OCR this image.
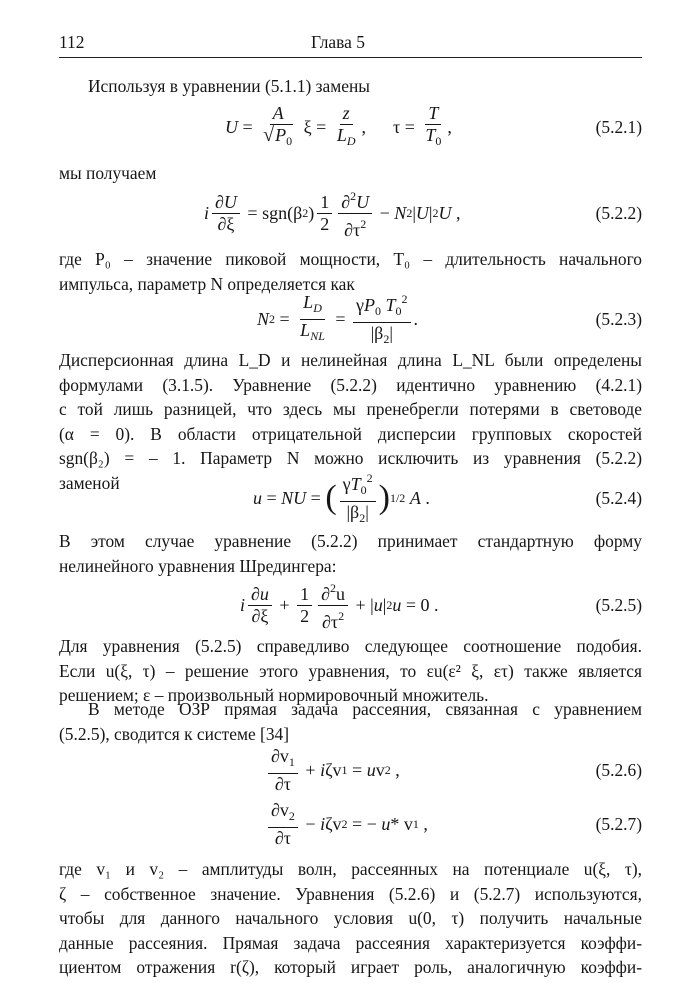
112	Глава 5

Используя в уравнении (5.1.1) замены

$U = \frac{A}{√P_0}$ $\xi = \frac{z}{L_D}$ ,      $\tau = \frac{T}{T_0}$ ,	(5.2.1)

мы получаем

i $\frac{\partial U}{\partial\xi} = sgn(\beta$ 2 ) $\frac{1}{2} \frac{\partial^2U}{\partial\tau^2} - N$ 2 | U | 2 U ,	(5.2.2)
где P₀ – значение пиковой мощности, T₀ – длительность начального
импульса, параметр N определяется как
N $2 = \frac{L_D}{L_{NL}} = \frac{\gamma P_0 T_0^2}{|\beta_2|}$ .	(5.2.3)
Дисперсионная длина L_D и нелинейная длина L_NL были определены
формулами (3.1.5). Уравнение (5.2.2) идентично уравнению (4.2.1)
с той лишь разницей, что здесь мы пренебрегли потерями в световоде
(α = 0). В области отрицательной дисперсии групповых скоростей
sgn(β₂) = – 1. Параметр N можно исключить из уравнения (5.2.2)
заменой
u = NU = ( $\frac{\gamma T_0^2}{|\beta_2|}$ ) 1/2
A .	(5.2.4)
В этом случае уравнение (5.2.2) принимает стандартную форму
нелинейного уравнения Шредингера:
i $\frac{\partial u}{\partial\xi} + \frac{1}{2} \frac{\partial^2u}{\partial\tau^2}$ + | u | 2 u = 0 .	(5.2.5)
Для уравнения (5.2.5) справедливо следующее соотношение подобия.
Если u(ξ, τ) – решение этого уравнения, то εu(ε² ξ, ετ) также является
решением; ε – произвольный нормировочный множитель.
В методе ОЗР прямая задача рассеяния, связанная с уравнением
(5.2.5), сводится к системе [34]
$\frac{\partial v_1}{\partial\tau} + i$ ζv 1 = u v 2 ,	(5.2.6)
$\frac{\partial v_2}{\partial\tau} - i$ ζv 2 = − u * v 1 ,	(5.2.7)
где v₁ и v₂ – амплитуды волн, рассеянных на потенциале u(ξ, τ),
ζ – собственное значение. Уравнения (5.2.6) и (5.2.7) используются,
чтобы для данного начального условия u(0, τ) получить начальные
данные рассеяния. Прямая задача рассеяния характеризуется коэффи-
циентом отражения r(ζ), который играет роль, аналогичную коэффи-
